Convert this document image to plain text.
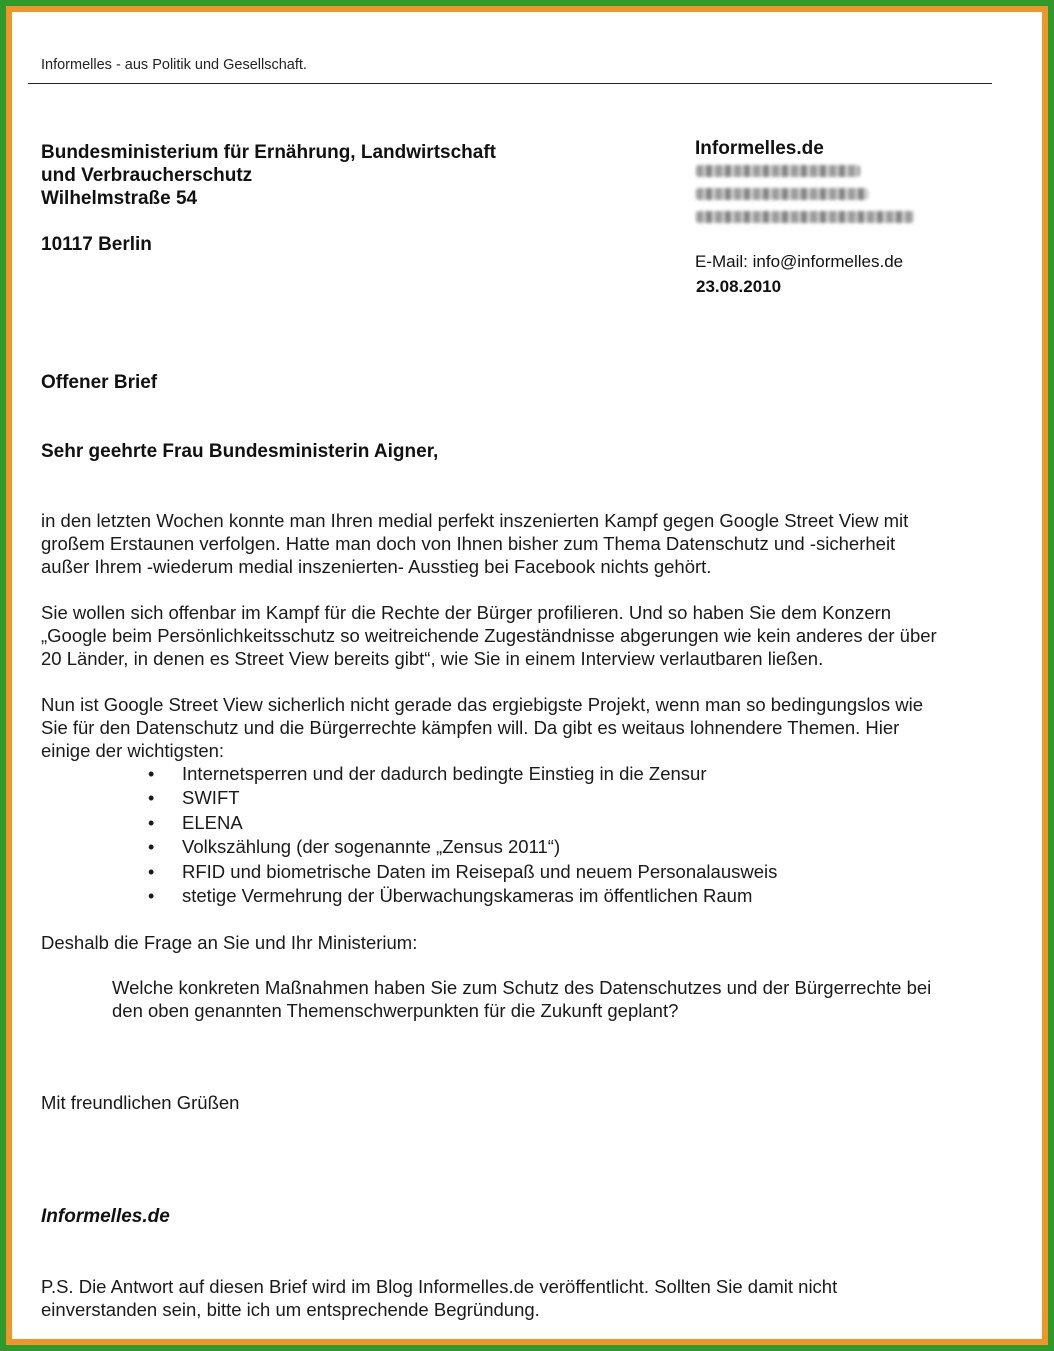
Informelles - aus Politik und Gesellschaft.
Bundesministerium für Ernährung, Landwirtschaft
und Verbraucherschutz
Wilhelmstraße 54
10117 Berlin
Informelles.de
E-Mail: info@informelles.de
23.08.2010
Offener Brief
Sehr geehrte Frau Bundesministerin Aigner,
in den letzten Wochen konnte man Ihren medial perfekt inszenierten Kampf gegen Google Street View mit
großem Erstaunen verfolgen. Hatte man doch von Ihnen bisher zum Thema Datenschutz und -sicherheit
außer Ihrem -wiederum medial inszenierten- Ausstieg bei Facebook nichts gehört.
Sie wollen sich offenbar im Kampf für die Rechte der Bürger profilieren. Und so haben Sie dem Konzern
„Google beim Persönlichkeitsschutz so weitreichende Zugeständnisse abgerungen wie kein anderes der über
20 Länder, in denen es Street View bereits gibt“, wie Sie in einem Interview verlautbaren ließen.
Nun ist Google Street View sicherlich nicht gerade das ergiebigste Projekt, wenn man so bedingungslos wie
Sie für den Datenschutz und die Bürgerrechte kämpfen will. Da gibt es weitaus lohnendere Themen. Hier
einige der wichtigsten:
• Internetsperren und der dadurch bedingte Einstieg in die Zensur
• SWIFT
• ELENA
• Volkszählung (der sogenannte „Zensus 2011“)
• RFID und biometrische Daten im Reisepaß und neuem Personalausweis
• stetige Vermehrung der Überwachungskameras im öffentlichen Raum
Deshalb die Frage an Sie und Ihr Ministerium:
Welche konkreten Maßnahmen haben Sie zum Schutz des Datenschutzes und der Bürgerrechte bei
den oben genannten Themenschwerpunkten für die Zukunft geplant?
Mit freundlichen Grüßen
Informelles.de
P.S. Die Antwort auf diesen Brief wird im Blog Informelles.de veröffentlicht. Sollten Sie damit nicht
einverstanden sein, bitte ich um entsprechende Begründung.
